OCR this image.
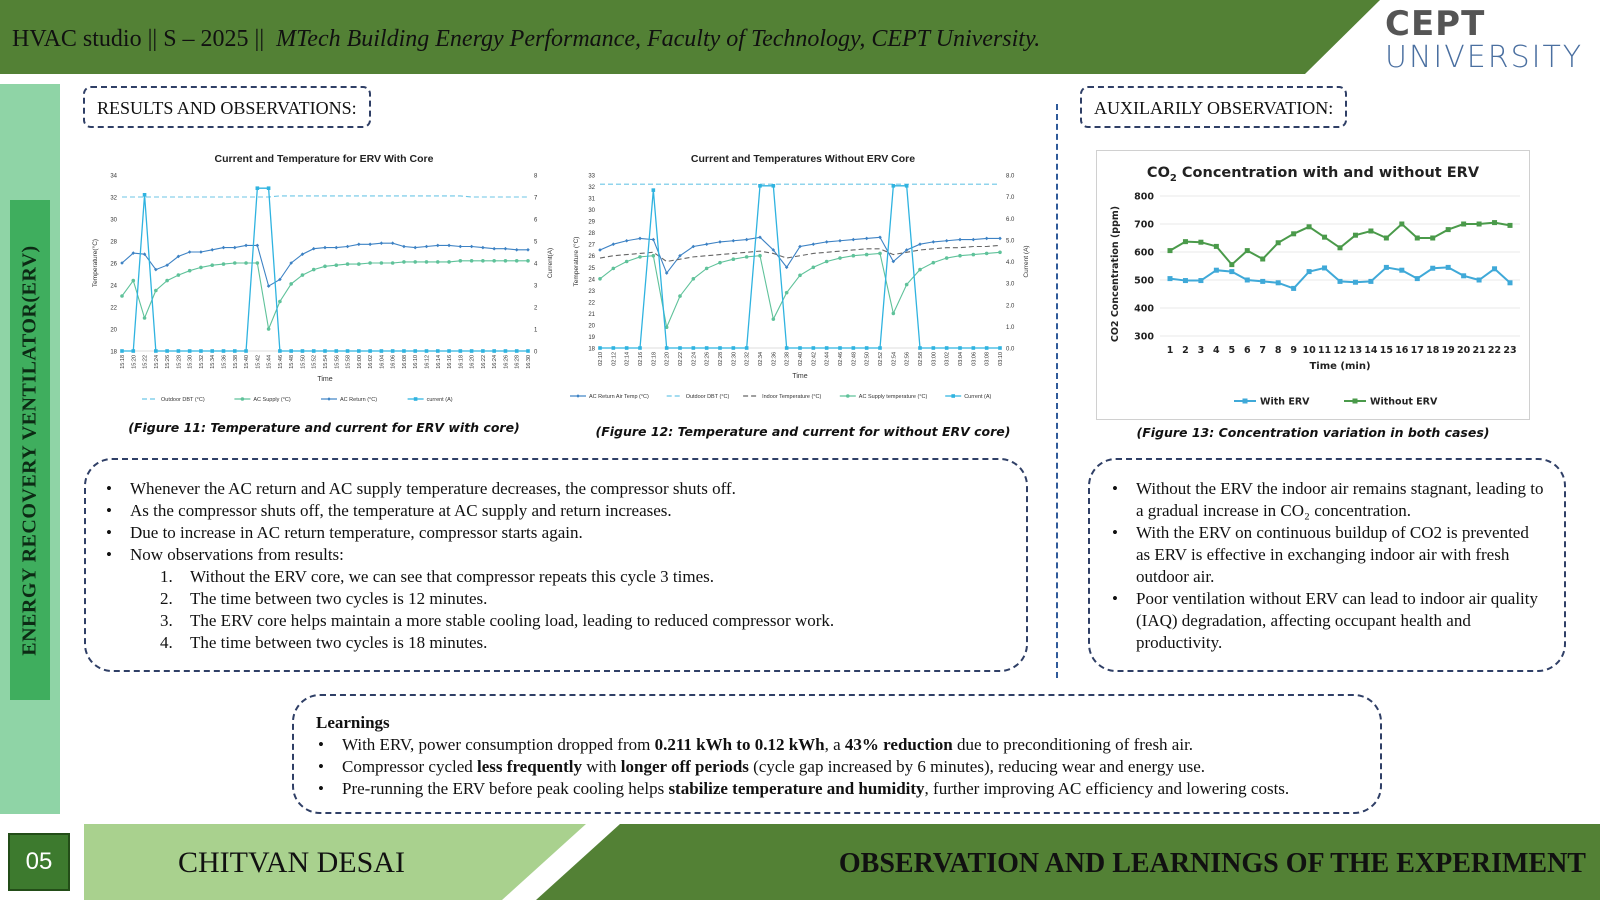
HVAC studio || S – 2025 || MTech Building Energy Performance, Faculty of Technology, CEPT University.	CEPT
UNIVERSITY
ENERGY RECOVERY VENTILATOR(ERV)
RESULTS AND OBSERVATIONS:	AUXILARILY OBSERVATION:
Current and Temperature for ERV With Core
18
20
22
24
26
28
30
32
34
0
1
2
3
4
5
6
7
8
15:18 15:20 15:22 15:24 15:26 15:28 15:30 15:32 15:34 15:36 15:38 15:40 15:42 15:44 15:46 15:48 15:50 15:52 15:54 15:56 15:58 16:00 16:02 16:04 16:06 16:08 16:10 16:12 16:14 16:16 16:18 16:20 16:22 16:24 16:26 16:28 16:30
Time
Temperature(°C)	Current(A)
Outdoor DBT (°C)	AC Supply (°C)	AC Return (°C)	current (A)
(Figure 11: Temperature and current for ERV with core)
Current and Temperatures Without ERV Core
18
19
20
21
22
23
24
25
26
27
28
29
30
31
32
33
0.0
1.0
2.0
3.0
4.0
5.0
6.0
7.0
8.0
02:10 02:12 02:14 02:16 02:18 02:20 02:22 02:24 02:26 02:28 02:30 02:32 02:34 02:36 02:38 02:40 02:42 02:44 02:46 02:48 02:50 02:52 02:54 02:56 02:58 03:00 03:02 03:04 03:06 03:08 03:10
Time
Temperature (°C)	Current (A)
AC Return Air Temp (°C)	Outdoor DBT (°C)	Indoor Temperature (°C)	AC Supply temperature (°C)	Current (A)
(Figure 12: Temperature and current for without ERV core)
$CO_2$ Concentration with and without ERV
300
400
500
600
700
800
1 2 3 4 5 6 7 8 9 10 11 12 13 14 15 16 17 18 19 20 21 22 23
Time (min)
CO2 Concentration (ppm)
With ERV	Without ERV
(Figure 13: Concentration variation in both cases)
• Whenever the AC return and AC supply temperature decreases, the compressor shuts off.
• As the compressor shuts off, the temperature at AC supply and return increases.
• Due to increase in AC return temperature, compressor starts again.
• Now observations from results:
1. Without the ERV core, we can see that compressor repeats this cycle 3 times.
2. The time between two cycles is 12 minutes.
3. The ERV core helps maintain a more stable cooling load, leading to reduced compressor work.
4. The time between two cycles is 18 minutes.
• Without the ERV the indoor air remains stagnant, leading to a gradual increase in CO₂ concentration.
• With the ERV on continuous buildup of CO2 is prevented as ERV is effective in exchanging indoor air with fresh outdoor air.
• Poor ventilation without ERV can lead to indoor air quality (IAQ) degradation, affecting occupant health and productivity.
Learnings
• With ERV, power consumption dropped from 0.211 kWh to 0.12 kWh, a 43% reduction due to preconditioning of fresh air.
• Compressor cycled less frequently with longer off periods (cycle gap increased by 6 minutes), reducing wear and energy use.
• Pre-running the ERV before peak cooling helps stabilize temperature and humidity, further improving AC efficiency and lowering costs.
05	CHITVAN DESAI	OBSERVATION AND LEARNINGS OF THE EXPERIMENT
